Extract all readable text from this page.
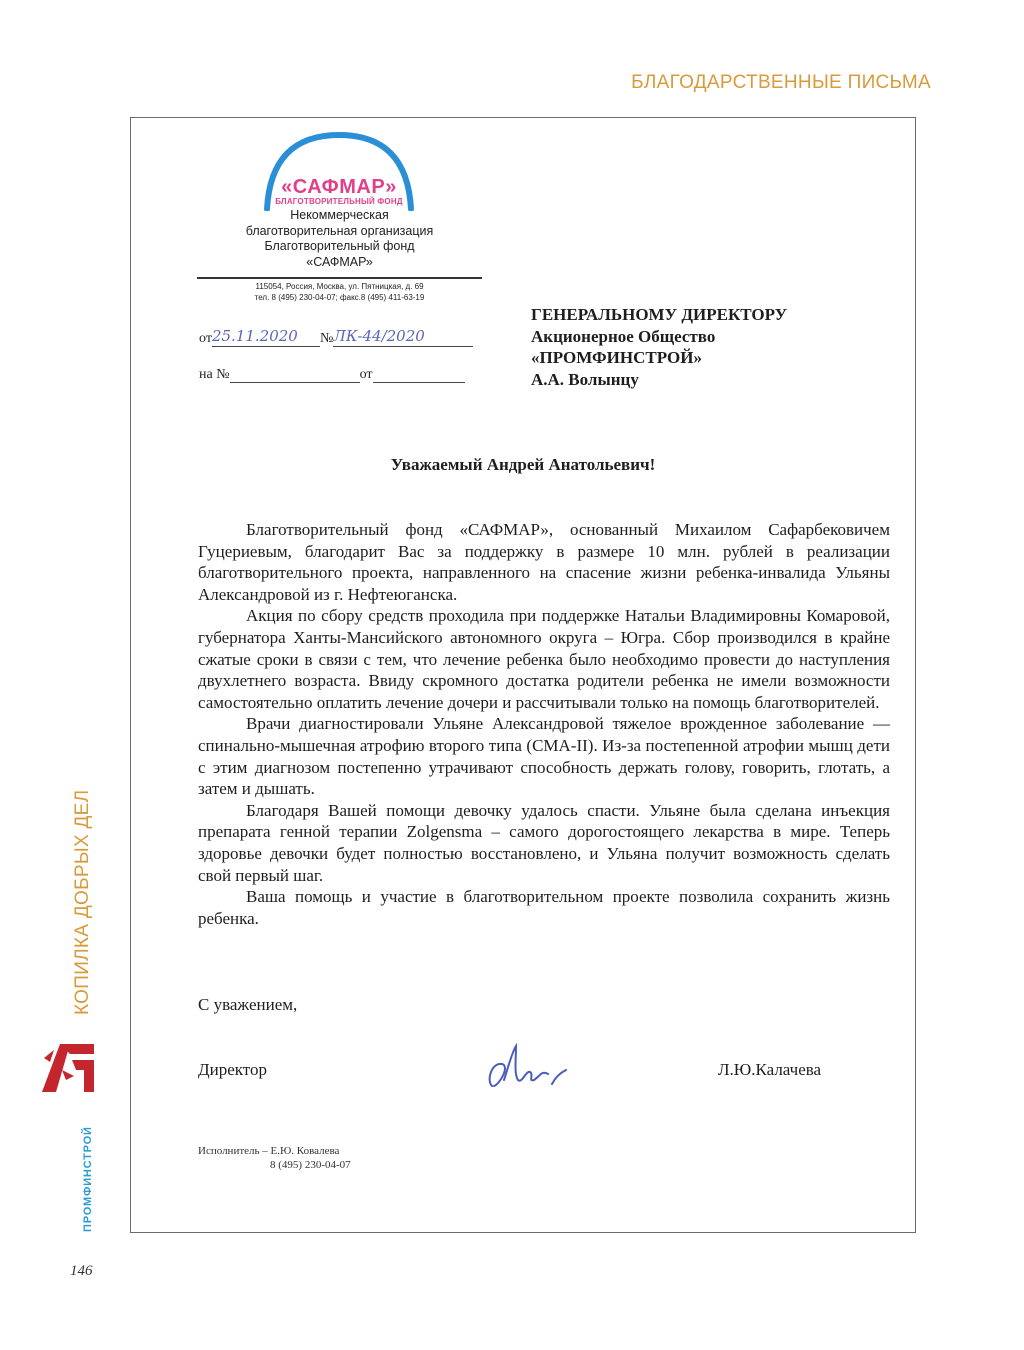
БЛАГОДАРСТВЕННЫЕ ПИСЬМА
«САФМАР»
БЛАГОТВОРИТЕЛЬНЫЙ ФОНД
Некоммерческая
благотворительная организация
Благотворительный фонд
«САФМАР»
115054, Россия, Москва, ул. Пятницкая, д. 69
тел. 8 (495) 230-04-07; факс.8 (495) 411-63-19
от25.11.2020 №ЛК-44/2020
на №	от
ГЕНЕРАЛЬНОМУ ДИРЕКТОРУ
Акционерное Общество
«ПРОМФИНСТРОЙ»
А.А. Волынцу
Уважаемый Андрей Анатольевич!

Благотворительный фонд «САФМАР», основанный Михаилом Сафарбековичем Гуцериевым, благодарит Вас за поддержку в размере 10 млн. рублей в реализации благотворительного проекта, направленного на спасение жизни ребенка-инвалида Ульяны Александровой из г. Нефтеюганска.

Акция по сбору средств проходила при поддержке Натальи Владимировны Комаровой, губернатора Ханты-Мансийского автономного округа – Югра. Сбор производился в крайне сжатые сроки в связи с тем, что лечение ребенка было необходимо провести до наступления двухлетнего возраста. Ввиду скромного достатка родители ребенка не имели возможности самостоятельно оплатить лечение дочери и рассчитывали только на помощь благотворителей.

Врачи диагностировали Ульяне Александровой тяжелое врожденное заболевание — спинально-мышечная атрофию второго типа (СМА-II). Из-за постепенной атрофии мышц дети с этим диагнозом постепенно утрачивают способность держать голову, говорить, глотать, а затем и дышать.

Благодаря Вашей помощи девочку удалось спасти. Ульяне была сделана инъекция препарата генной терапии Zolgensma – самого дорогостоящего лекарства в мире. Теперь здоровье девочки будет полностью восстановлено, и Ульяна получит возможность сделать свой первый шаг.

Ваша помощь и участие в благотворительном проекте позволила сохранить жизнь ребенка.

С уважением,
Директор	Л.Ю.Калачева
Исполнитель – Е.Ю. Ковалева
8 (495) 230-04-07
КОПИЛКА ДОБРЫХ ДЕЛ
ПРОМФИНСТРОЙ
146
